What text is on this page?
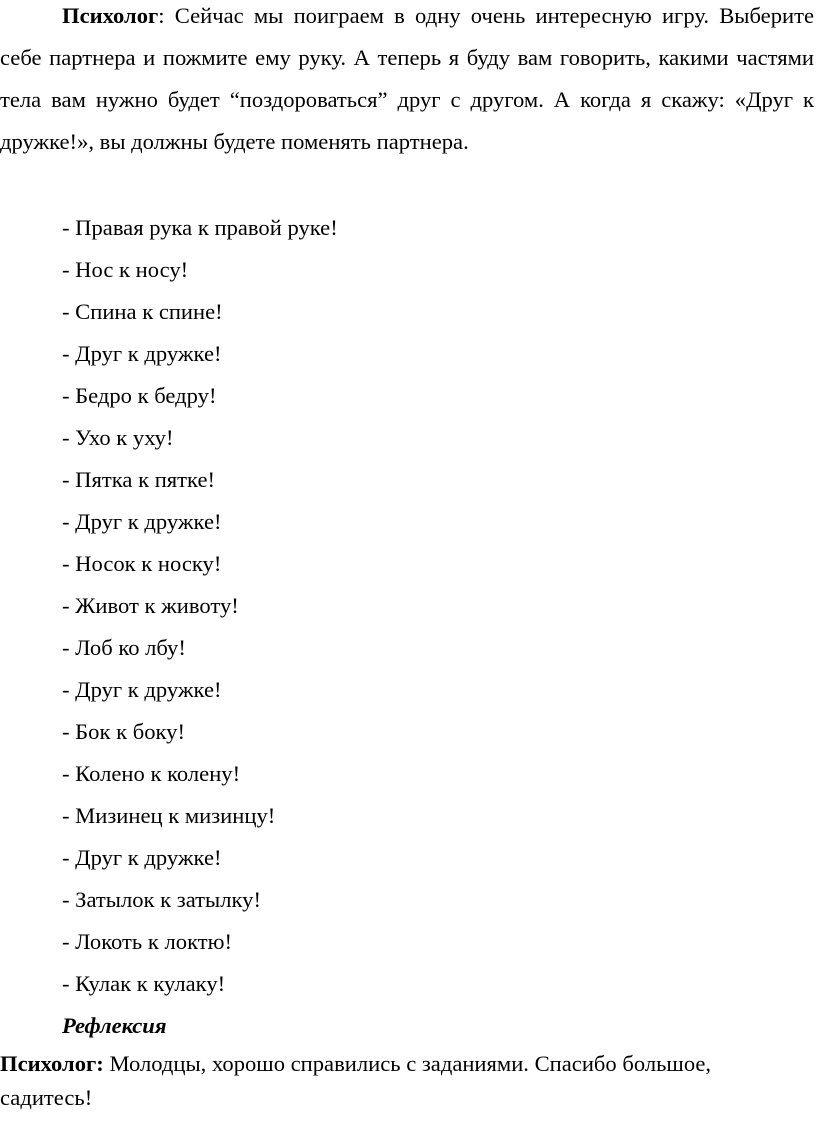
Психолог: Сейчас мы поиграем в одну очень интересную игру. Выберите себе партнера и пожмите ему руку. А теперь я буду вам говорить, какими частями тела вам нужно будет “поздороваться” друг с другом. А когда я скажу: «Друг к дружке!», вы должны будете поменять партнера.

- Правая рука к правой руке!
- Нос к носу!
- Спина к спине!
- Друг к дружке!
- Бедро к бедру!
- Ухо к уху!
- Пятка к пятке!
- Друг к дружке!
- Носок к носку!
- Живот к животу!
- Лоб ко лбу!
- Друг к дружке!
- Бок к боку!
- Колено к колену!
- Мизинец к мизинцу!
- Друг к дружке!
- Затылок к затылку!
- Локоть к локтю!
- Кулак к кулаку!

Рефлексия

Психолог: Молодцы, хорошо справились с заданиями. Спасибо большое, садитесь!
